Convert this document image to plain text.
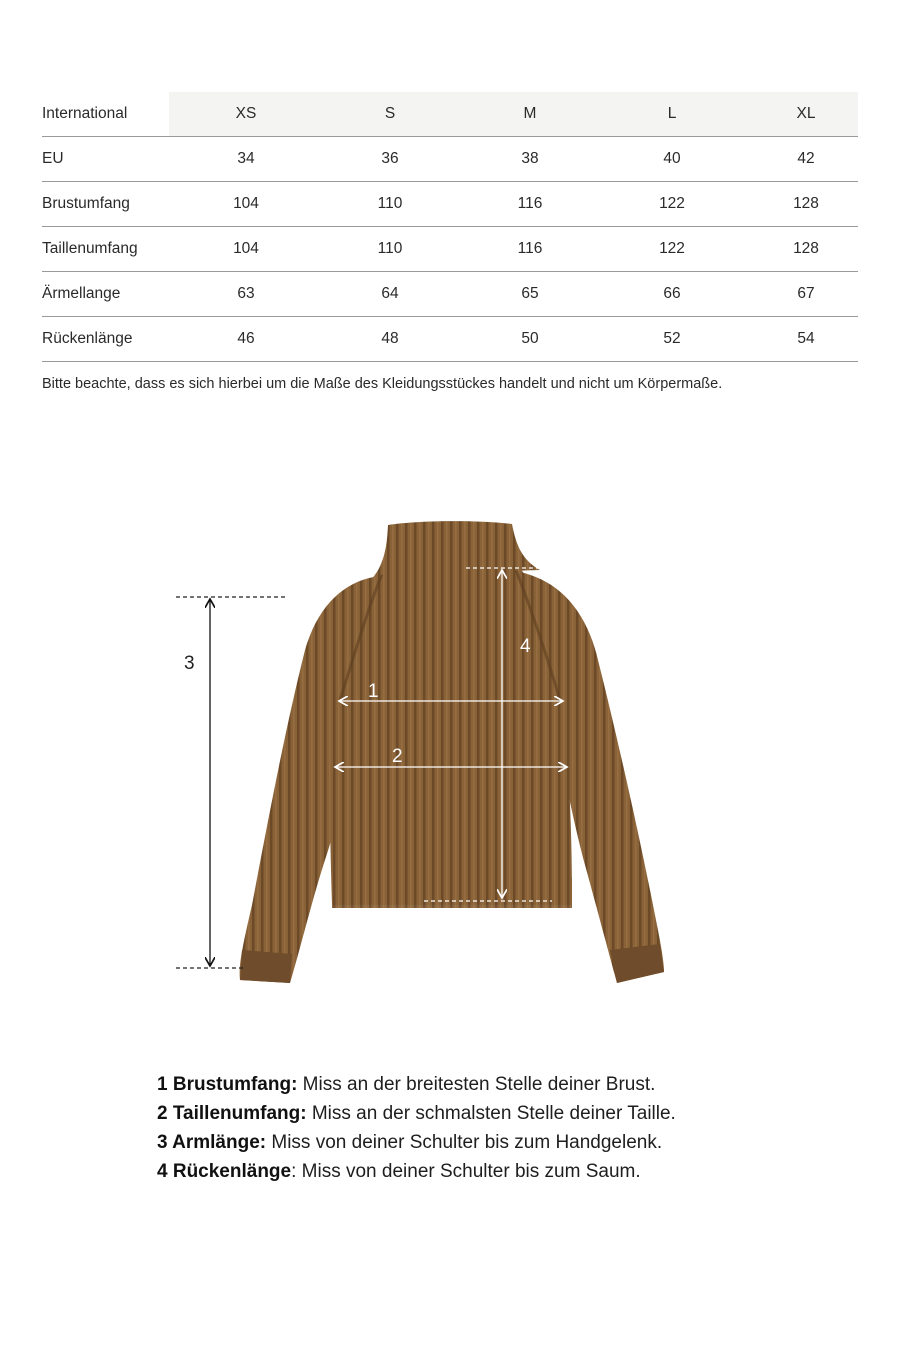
International	XS	S	M	L	XL
EU	34	36	38	40	42
Brustumfang	104	110	116	122	128
Taillenumfang	104	110	116	122	128
Ärmellange	63	64	65	66	67
Rückenlänge	46	48	50	52	54
Bitte beachte, dass es sich hierbei um die Maße des Kleidungsstückes handelt und nicht um Körpermaße.
1
2
3
4
1 Brustumfang: Miss an der breitesten Stelle deiner Brust.
2 Taillenumfang: Miss an der schmalsten Stelle deiner Taille.
3 Armlänge: Miss von deiner Schulter bis zum Handgelenk.
4 Rückenlänge: Miss von deiner Schulter bis zum Saum.
